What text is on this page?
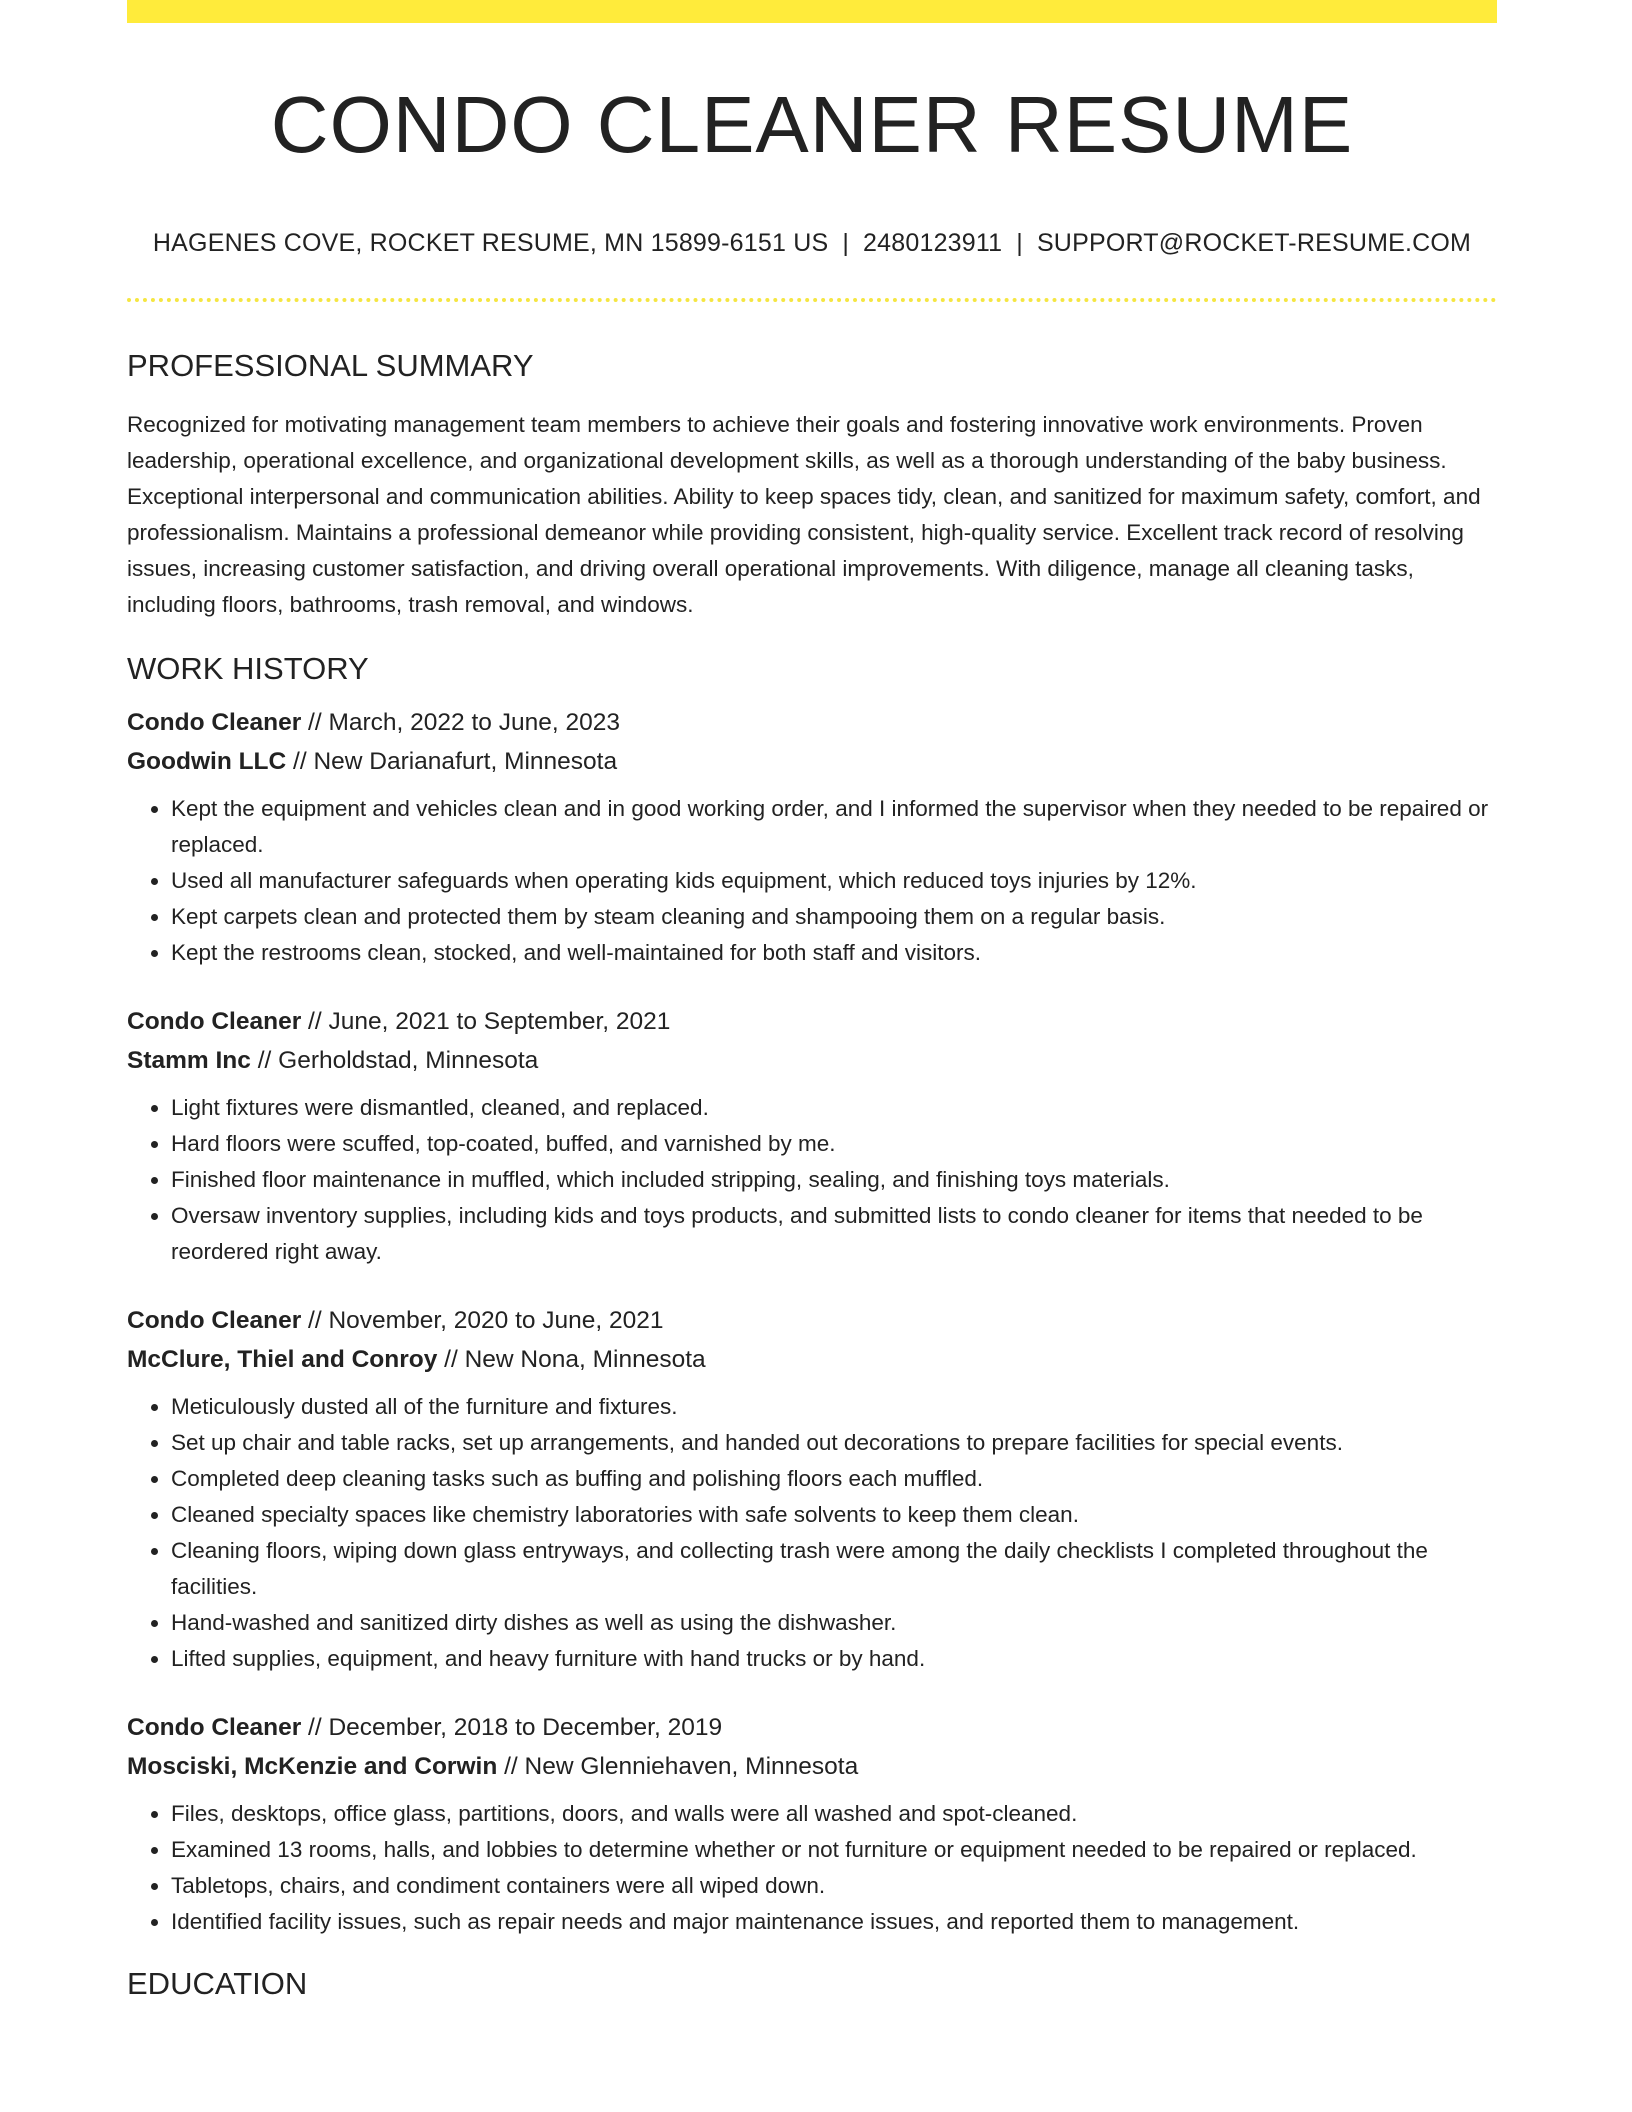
CONDO CLEANER RESUME
HAGENES COVE, ROCKET RESUME, MN 15899-6151 US | 2480123911 | SUPPORT@ROCKET-RESUME.COM
PROFESSIONAL SUMMARY

Recognized for motivating management team members to achieve their goals and fostering innovative work environments. Proven leadership, operational excellence, and organizational development skills, as well as a thorough understanding of the baby business. Exceptional interpersonal and communication abilities. Ability to keep spaces tidy, clean, and sanitized for maximum safety, comfort, and professionalism. Maintains a professional demeanor while providing consistent, high-quality service. Excellent track record of resolving issues, increasing customer satisfaction, and driving overall operational improvements. With diligence, manage all cleaning tasks, including floors, bathrooms, trash removal, and windows.

WORK HISTORY
Condo Cleaner // March, 2022 to June, 2023
Goodwin LLC // New Darianafurt, Minnesota
• Kept the equipment and vehicles clean and in good working order, and I informed the supervisor when they needed to be repaired or replaced.
• Used all manufacturer safeguards when operating kids equipment, which reduced toys injuries by 12%.
• Kept carpets clean and protected them by steam cleaning and shampooing them on a regular basis.
• Kept the restrooms clean, stocked, and well-maintained for both staff and visitors.
Condo Cleaner // June, 2021 to September, 2021
Stamm Inc // Gerholdstad, Minnesota
• Light fixtures were dismantled, cleaned, and replaced.
• Hard floors were scuffed, top-coated, buffed, and varnished by me.
• Finished floor maintenance in muffled, which included stripping, sealing, and finishing toys materials.
• Oversaw inventory supplies, including kids and toys products, and submitted lists to condo cleaner for items that needed to be reordered right away.
Condo Cleaner // November, 2020 to June, 2021
McClure, Thiel and Conroy // New Nona, Minnesota
• Meticulously dusted all of the furniture and fixtures.
• Set up chair and table racks, set up arrangements, and handed out decorations to prepare facilities for special events.
• Completed deep cleaning tasks such as buffing and polishing floors each muffled.
• Cleaned specialty spaces like chemistry laboratories with safe solvents to keep them clean.
• Cleaning floors, wiping down glass entryways, and collecting trash were among the daily checklists I completed throughout the facilities.
• Hand-washed and sanitized dirty dishes as well as using the dishwasher.
• Lifted supplies, equipment, and heavy furniture with hand trucks or by hand.
Condo Cleaner // December, 2018 to December, 2019
Mosciski, McKenzie and Corwin // New Glenniehaven, Minnesota
• Files, desktops, office glass, partitions, doors, and walls were all washed and spot-cleaned.
• Examined 13 rooms, halls, and lobbies to determine whether or not furniture or equipment needed to be repaired or replaced.
• Tabletops, chairs, and condiment containers were all wiped down.
• Identified facility issues, such as repair needs and major maintenance issues, and reported them to management.
EDUCATION
